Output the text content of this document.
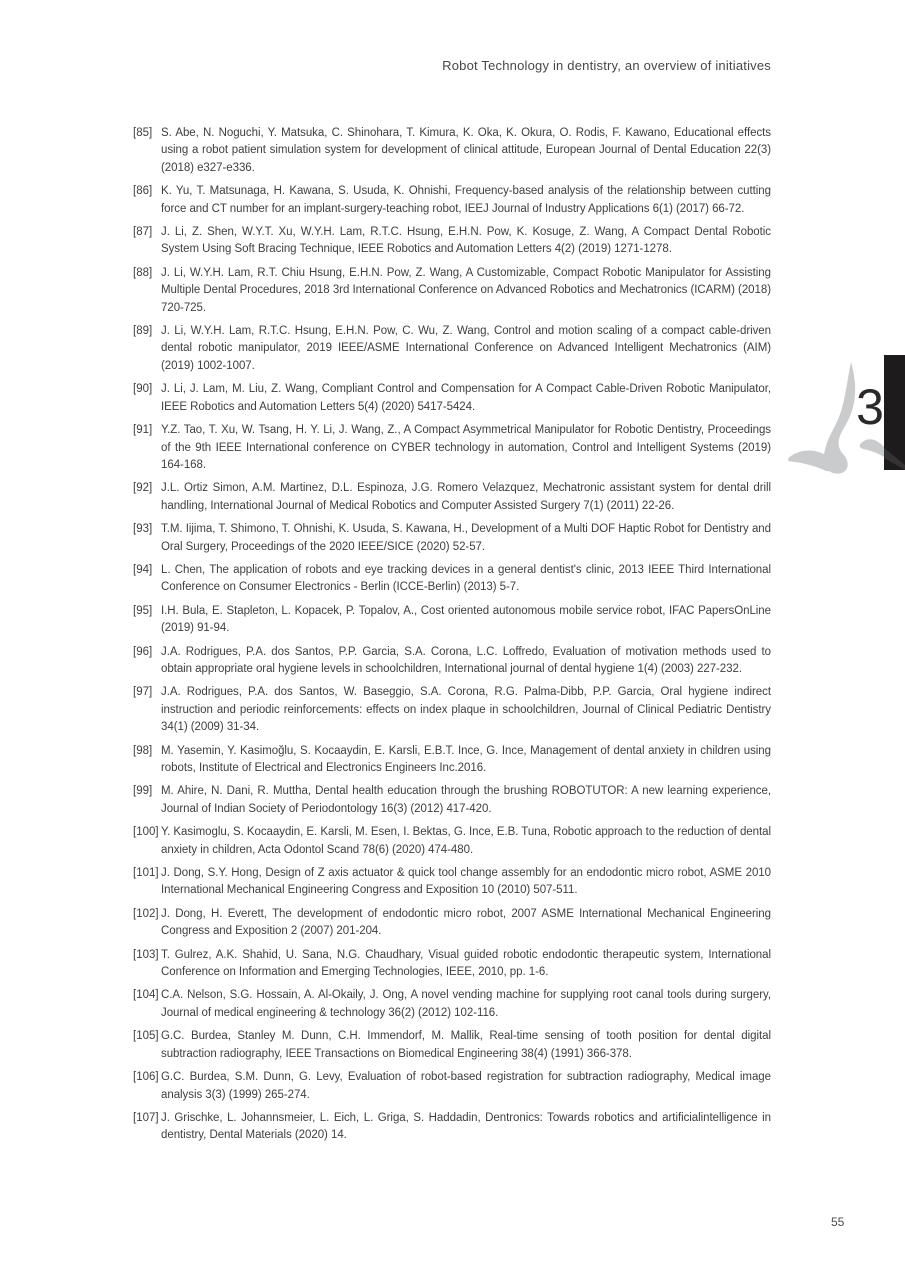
Robot Technology in dentistry, an overview of initiatives
3
[85] S. Abe, N. Noguchi, Y. Matsuka, C. Shinohara, T. Kimura, K. Oka, K. Okura, O. Rodis, F. Kawano, Educational effects using a robot patient simulation system for development of clinical attitude, European Journal of Dental Education 22(3) (2018) e327-e336.
[86] K. Yu, T. Matsunaga, H. Kawana, S. Usuda, K. Ohnishi, Frequency-based analysis of the relationship between cutting force and CT number for an implant-surgery-teaching robot, IEEJ Journal of Industry Applications 6(1) (2017) 66-72.
[87] J. Li, Z. Shen, W.Y.T. Xu, W.Y.H. Lam, R.T.C. Hsung, E.H.N. Pow, K. Kosuge, Z. Wang, A Compact Dental Robotic System Using Soft Bracing Technique, IEEE Robotics and Automation Letters 4(2) (2019) 1271-1278.
[88] J. Li, W.Y.H. Lam, R.T. Chiu Hsung, E.H.N. Pow, Z. Wang, A Customizable, Compact Robotic Manipulator for Assisting Multiple Dental Procedures, 2018 3rd International Conference on Advanced Robotics and Mechatronics (ICARM) (2018) 720-725.
[89] J. Li, W.Y.H. Lam, R.T.C. Hsung, E.H.N. Pow, C. Wu, Z. Wang, Control and motion scaling of a compact cable-driven dental robotic manipulator, 2019 IEEE/ASME International Conference on Advanced Intelligent Mechatronics (AIM) (2019) 1002-1007.
[90] J. Li, J. Lam, M. Liu, Z. Wang, Compliant Control and Compensation for A Compact Cable-Driven Robotic Manipulator, IEEE Robotics and Automation Letters 5(4) (2020) 5417-5424.
[91] Y.Z. Tao, T. Xu, W. Tsang, H. Y. Li, J. Wang, Z., A Compact Asymmetrical Manipulator for Robotic Dentistry, Proceedings of the 9th IEEE International conference on CYBER technology in automation, Control and Intelligent Systems (2019) 164-168.
[92] J.L. Ortiz Simon, A.M. Martinez, D.L. Espinoza, J.G. Romero Velazquez, Mechatronic assistant system for dental drill handling, International Journal of Medical Robotics and Computer Assisted Surgery 7(1) (2011) 22-26.
[93] T.M. Iijima, T. Shimono, T. Ohnishi, K. Usuda, S. Kawana, H., Development of a Multi DOF Haptic Robot for Dentistry and Oral Surgery, Proceedings of the 2020 IEEE/SICE (2020) 52-57.
[94] L. Chen, The application of robots and eye tracking devices in a general dentist's clinic, 2013 IEEE Third International Conference on Consumer Electronics - Berlin (ICCE-Berlin) (2013) 5-7.
[95] I.H. Bula, E. Stapleton, L. Kopacek, P. Topalov, A., Cost oriented autonomous mobile service robot, IFAC PapersOnLine (2019) 91-94.
[96] J.A. Rodrigues, P.A. dos Santos, P.P. Garcia, S.A. Corona, L.C. Loffredo, Evaluation of motivation methods used to obtain appropriate oral hygiene levels in schoolchildren, International journal of dental hygiene 1(4) (2003) 227-232.
[97] J.A. Rodrigues, P.A. dos Santos, W. Baseggio, S.A. Corona, R.G. Palma-Dibb, P.P. Garcia, Oral hygiene indirect instruction and periodic reinforcements: effects on index plaque in schoolchildren, Journal of Clinical Pediatric Dentistry 34(1) (2009) 31-34.
[98] M. Yasemin, Y. Kasimoğlu, S. Kocaaydin, E. Karsli, E.B.T. Ince, G. Ince, Management of dental anxiety in children using robots, Institute of Electrical and Electronics Engineers Inc.2016.
[99] M. Ahire, N. Dani, R. Muttha, Dental health education through the brushing ROBOTUTOR: A new learning experience, Journal of Indian Society of Periodontology 16(3) (2012) 417-420.
[100] Y. Kasimoglu, S. Kocaaydin, E. Karsli, M. Esen, I. Bektas, G. Ince, E.B. Tuna, Robotic approach to the reduction of dental anxiety in children, Acta Odontol Scand 78(6) (2020) 474-480.
[101] J. Dong, S.Y. Hong, Design of Z axis actuator & quick tool change assembly for an endodontic micro robot, ASME 2010 International Mechanical Engineering Congress and Exposition 10 (2010) 507-511.
[102] J. Dong, H. Everett, The development of endodontic micro robot, 2007 ASME International Mechanical Engineering Congress and Exposition 2 (2007) 201-204.
[103] T. Gulrez, A.K. Shahid, U. Sana, N.G. Chaudhary, Visual guided robotic endodontic therapeutic system, International Conference on Information and Emerging Technologies, IEEE, 2010, pp. 1-6.
[104] C.A. Nelson, S.G. Hossain, A. Al-Okaily, J. Ong, A novel vending machine for supplying root canal tools during surgery, Journal of medical engineering & technology 36(2) (2012) 102-116.
[105] G.C. Burdea, Stanley M. Dunn, C.H. Immendorf, M. Mallik, Real-time sensing of tooth position for dental digital subtraction radiography, IEEE Transactions on Biomedical Engineering 38(4) (1991) 366-378.
[106] G.C. Burdea, S.M. Dunn, G. Levy, Evaluation of robot-based registration for subtraction radiography, Medical image analysis 3(3) (1999) 265-274.
[107] J. Grischke, L. Johannsmeier, L. Eich, L. Griga, S. Haddadin, Dentronics: Towards robotics and artificialintelligence in dentistry, Dental Materials (2020) 14.
55
